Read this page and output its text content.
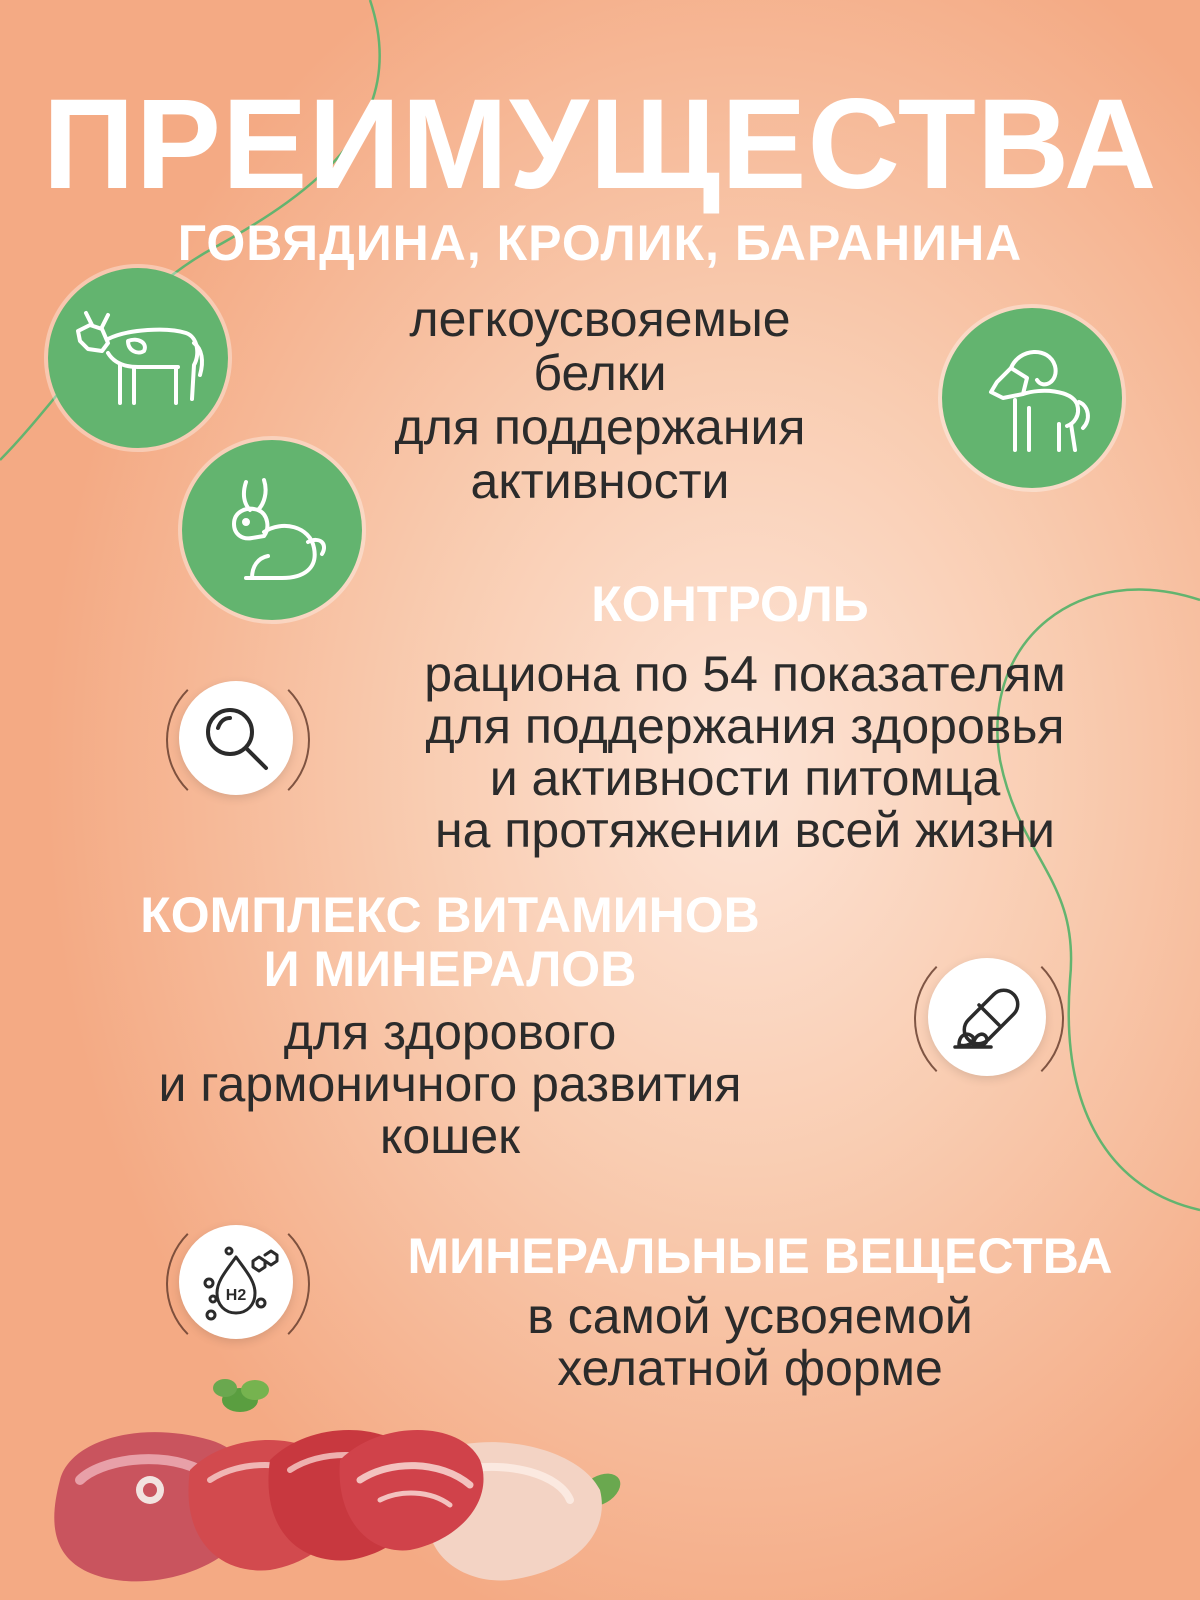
ПРЕИМУЩЕСТВА
ГОВЯДИНА, КРОЛИК, БАРАНИНА
легкоусвояемые
белки
для поддержания
активности
КОНТРОЛЬ
рациона по 54 показателям
для поддержания здоровья
и активности питомца
на протяжении всей жизни
КОМПЛЕКС ВИТАМИНОВ
И МИНЕРАЛОВ
для здорового
и гармоничного развития
кошек
H2
МИНЕРАЛЬНЫЕ ВЕЩЕСТВА
в самой усвояемой
хелатной форме
